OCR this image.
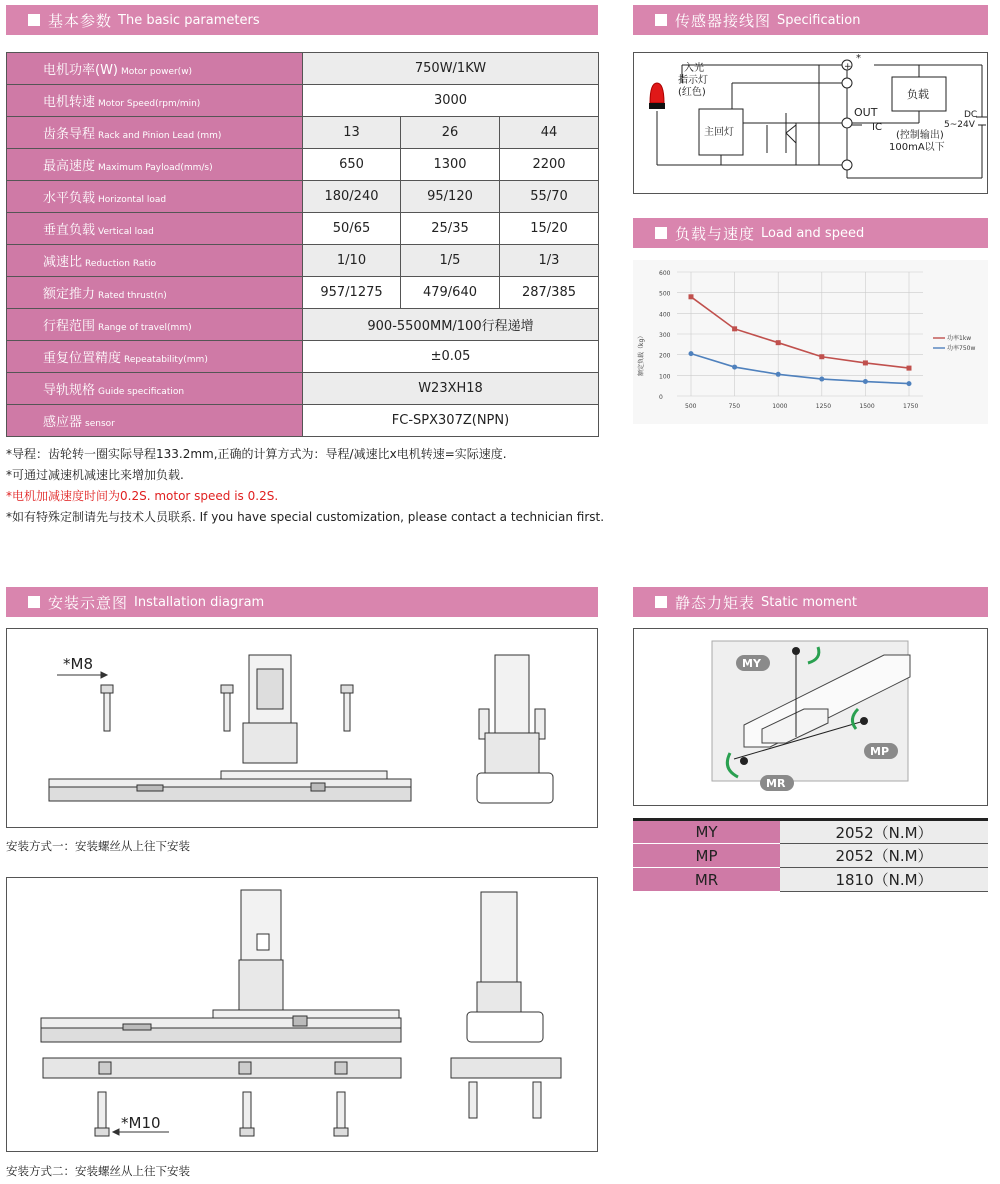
基本参数 The basic parameters	传感器接线图 Specification
负载与速度 Load and speed
安装示意图 Installation diagram	静态力矩表 Static moment
电机功率(W) Motor power(w)	750W/1KW		
电机转速 Motor Speed(rpm/min)	3000		
齿条导程 Rack and Pinion Lead (mm)	13	26	44
最高速度 Maximum Payload(mm/s)	650	1300	2200
水平负载 Horizontal load	180/240	95/120	55/70
垂直负载 Vertical load	50/65	25/35	15/20
减速比 Reduction Ratio	1/10	1/5	1/3
额定推力 Rated thrust(n)	957/1275	479/640	287/385
行程范围 Range of travel(mm)	900-5500MM/100行程递增		
重复位置精度 Repeatability(mm)	±0.05		
导轨规格 Guide specification	W23XH18		
感应器 sensor	FC-SPX307Z(NPN)		
*导程：齿轮转一圈实际导程133.2mm,正确的计算方式为：导程/减速比x电机转速=实际速度.
*可通过减速机减速比来增加负载.
*电机加减速度时间为0.2S. motor speed is 0.2S.
*如有特殊定制请先与技术人员联系. If you have special customization, please contact a technician first.
入光
指示灯
(红色)
主回灯
负载
OUT
IC
(控制输出)
100mA以下
DC
5~24V
+
*
0
100
200
300
400
500
600
500	750	1000	1250	1500	1750
额定负载（kg）	功率1kw
功率750w
*M8
安装方式一：安装螺丝从上往下安装
*M10
安装方式二：安装螺丝从上往下安装
MY
MP
MR
MY	2052（N.M）
MP	2052（N.M）
MR	1810（N.M）
